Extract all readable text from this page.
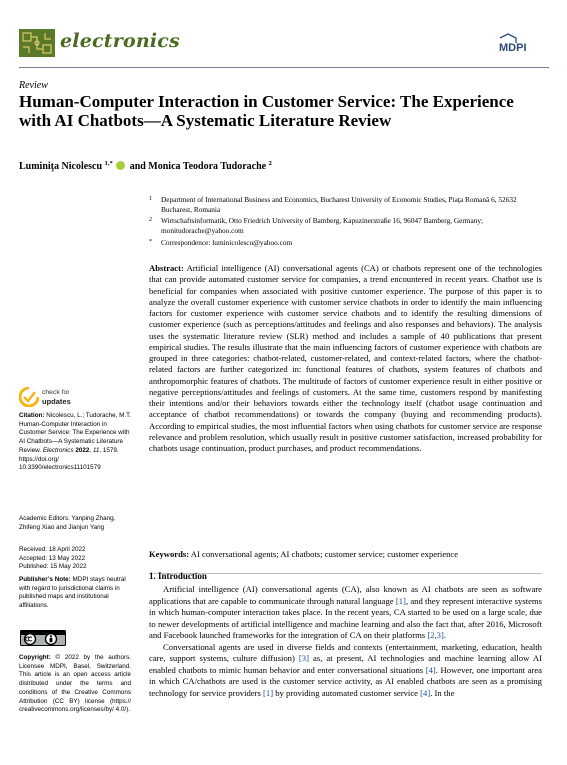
electronics	MDPI
Review
Human-Computer Interaction in Customer Service: The Experience with AI Chatbots—A Systematic Literature Review
Luminiţa Nicolescu $^{1,*}$ and Monica Teodora Tudorache $^2$
1 Department of International Business and Economics, Bucharest University of Economic Studies, Piaţa Romană 6, 52632 Bucharest, Romania
2 Wirtschaftsinformatik, Otto Friedrich University of Bamberg, Kapuzinerstraße 16, 96047 Bamberg, Germany; monitudorache@yahoo.com
* Correspondence: luminicolescu@yahoo.com
Abstract: Artificial intelligence (AI) conversational agents (CA) or chatbots represent one of the technologies that can provide automated customer service for companies, a trend encountered in recent years. Chatbot use is beneficial for companies when associated with positive customer experience. The purpose of this paper is to analyze the overall customer experience with customer service chatbots in order to identify the main influencing factors for customer experience with customer service chatbots and to identify the resulting dimensions of customer experience (such as perceptions/attitudes and feelings and also responses and behaviors). The analysis uses the systematic literature review (SLR) method and includes a sample of 40 publications that present empirical studies. The results illustrate that the main influencing factors of customer experience with chatbots are grouped in three categories: chatbot-related, customer-related, and context-related factors, where the chatbot-related factors are further categorized in: functional features of chatbots, system features of chatbots and anthropomorphic features of chatbots. The multitude of factors of customer experience result in either positive or negative perceptions/attitudes and feelings of customers. At the same time, customers respond by manifesting their intentions and/or their behaviors towards either the technology itself (chatbot usage continuation and acceptance of chatbot recommendations) or towards the company (buying and recommending products). According to empirical studies, the most influential factors when using chatbots for customer service are response relevance and problem resolution, which usually result in positive customer satisfaction, increased probability for chatbots usage continuation, product purchases, and product recommendations.
Keywords: AI conversational agents; AI chatbots; customer service; customer experience
check for
updates
Citation: Nicolescu, L.; Tudorache, M.T. Human-Computer Interaction in Customer Service: The Experience with AI Chatbots—A Systematic Literature Review. Electronics 2022, 11, 1579. https://doi.org/ 10.3390/electronics11101579
Academic Editors: Yanping Zhang, Zhifeng Xiao and Jianjun Yang
Received: 18 April 2022
Accepted: 13 May 2022
Published: 15 May 2022
Publisher’s Note: MDPI stays neutral with regard to jurisdictional claims in published maps and institutional affiliations.
Copyright: © 2022 by the authors. Licensee MDPI, Basel, Switzerland. This article is an open access article distributed under the terms and conditions of the Creative Commons Attribution (CC BY) license (https:// creativecommons.org/licenses/by/ 4.0/).
1. Introduction

Artificial intelligence (AI) conversational agents (CA), also known as AI chatbots are seen as software applications that are capable to communicate through natural language [1], and they represent interactive systems in which human-computer interaction takes place. In the recent years, CA started to be used on a large scale, due to newer developments of artificial intelligence and machine learning and also the fact that, after 2016, Microsoft and Facebook launched frameworks for the integration of CA on their platforms [2,3].

Conversational agents are used in diverse fields and contexts (entertainment, marketing, education, health care, support systems, culture diffusion) [3] as, at present, AI technologies and machine learning allow AI enabled chatbots to mimic human behavior and enter conversational situations [4]. However, one important area in which CA/chatbots are used is the customer service activity, as AI enabled chatbots are seen as a promising technology for service providers [1] by providing automated customer service [4]. In the
